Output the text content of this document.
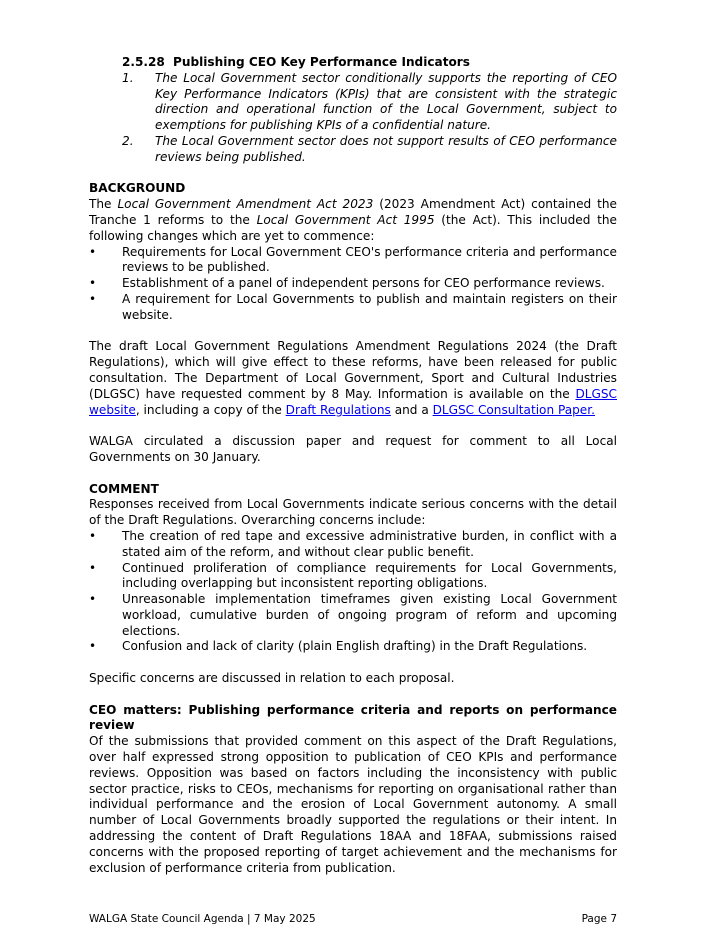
2.5.28 Publishing CEO Key Performance Indicators
1. The Local Government sector conditionally supports the reporting of CEO Key Performance Indicators (KPIs) that are consistent with the strategic direction and operational function of the Local Government, subject to exemptions for publishing KPIs of a confidential nature.
2. The Local Government sector does not support results of CEO performance reviews being published.

BACKGROUND

The Local Government Amendment Act 2023 (2023 Amendment Act) contained the Tranche 1 reforms to the Local Government Act 1995 (the Act). This included the following changes which are yet to commence:

•
Requirements for Local Government CEO's performance criteria and performance reviews to be published.
•
Establishment of a panel of independent persons for CEO performance reviews.
•
A requirement for Local Governments to publish and maintain registers on their website.

The draft Local Government Regulations Amendment Regulations 2024 (the Draft Regulations), which will give effect to these reforms, have been released for public consultation. The Department of Local Government, Sport and Cultural Industries (DLGSC) have requested comment by 8 May. Information is available on the DLGSC website, including a copy of the Draft Regulations and a DLGSC Consultation Paper.

WALGA circulated a discussion paper and request for comment to all Local Governments on 30 January.

COMMENT

Responses received from Local Governments indicate serious concerns with the detail of the Draft Regulations. Overarching concerns include:

•
The creation of red tape and excessive administrative burden, in conflict with a stated aim of the reform, and without clear public benefit.
•
Continued proliferation of compliance requirements for Local Governments, including overlapping but inconsistent reporting obligations.
•
Unreasonable implementation timeframes given existing Local Government workload, cumulative burden of ongoing program of reform and upcoming elections.
•
Confusion and lack of clarity (plain English drafting) in the Draft Regulations.

Specific concerns are discussed in relation to each proposal.

CEO matters: Publishing performance criteria and reports on performance review

Of the submissions that provided comment on this aspect of the Draft Regulations, over half expressed strong opposition to publication of CEO KPIs and performance reviews. Opposition was based on factors including the inconsistency with public sector practice, risks to CEOs, mechanisms for reporting on organisational rather than individual performance and the erosion of Local Government autonomy. A small number of Local Governments broadly supported the regulations or their intent. In addressing the content of Draft Regulations 18AA and 18FAA, submissions raised concerns with the proposed reporting of target achievement and the mechanisms for exclusion of performance criteria from publication.

WALGA State Council Agenda | 7 May 2025	Page 7
